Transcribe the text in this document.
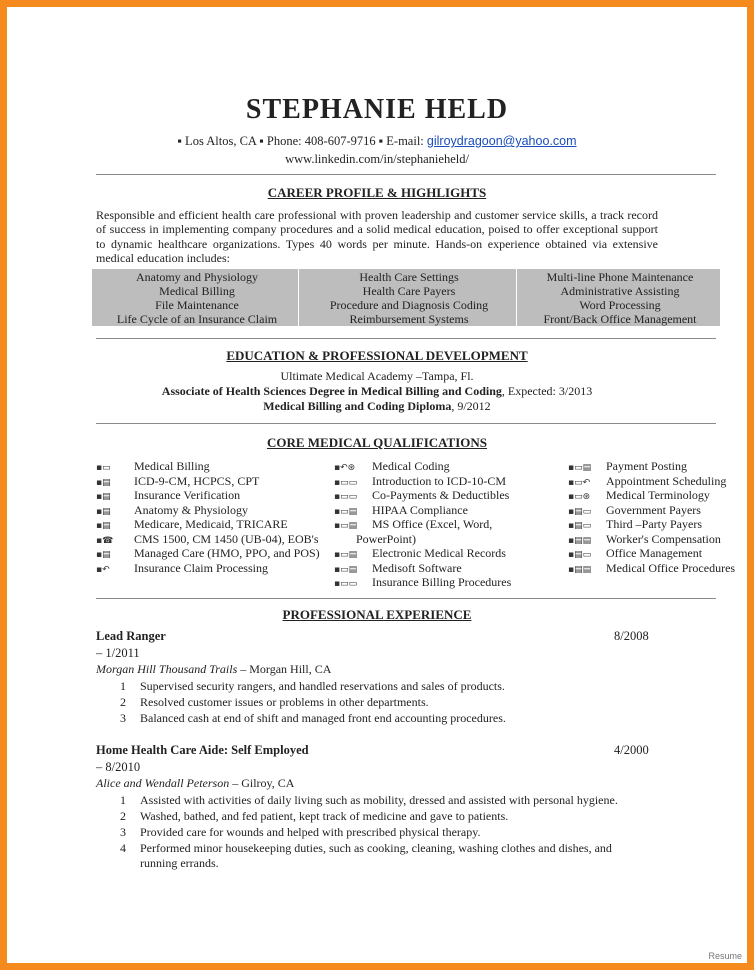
STEPHANIE HELD
▪ Los Altos, CA ▪ Phone: 408-607-9716 ▪ E-mail: gilroydragoon@yahoo.com
www.linkedin.com/in/stephanieheld/
CAREER PROFILE & HIGHLIGHTS
Responsible and efficient health care professional with proven leadership and customer service skills, a track record of success in implementing company procedures and a solid medical education, poised to offer exceptional support to dynamic healthcare organizations. Types 40 words per minute. Hands-on experience obtained via extensive medical education includes:
Anatomy and Physiology
Medical Billing
File Maintenance
Life Cycle of an Insurance Claim
Health Care Settings
Health Care Payers
Procedure and Diagnosis Coding
Reimbursement Systems
Multi-line Phone Maintenance
Administrative Assisting
Word Processing
Front/Back Office Management
EDUCATION & PROFESSIONAL DEVELOPMENT
Ultimate Medical Academy –Tampa, Fl.
Associate of Health Sciences Degree in Medical Billing and Coding, Expected: 3/2013
Medical Billing and Coding Diploma, 9/2012
CORE MEDICAL QUALIFICATIONS
▪▭ Medical Billing
▪▤ ICD-9-CM, HCPCS, CPT
▪▤ Insurance Verification
▪▤ Anatomy & Physiology
▪▤ Medicare, Medicaid, TRICARE
▪☎ CMS 1500, CM 1450 (UB-04), EOB's
▪▤ Managed Care (HMO, PPO, and POS)
▪↶ Insurance Claim Processing
▪↶⊛ Medical Coding
▪▭▭ Introduction to ICD-10-CM
▪▭▭ Co-Payments & Deductibles
▪▭▤ HIPAA Compliance
▪▭▤ MS Office (Excel, Word,
PowerPoint)
▪▭▤ Electronic Medical Records
▪▭▤ Medisoft Software
▪▭▭ Insurance Billing Procedures
▪▭▤ Payment Posting
▪▭↶ Appointment Scheduling
▪▭⊛ Medical Terminology
▪▤▭ Government Payers
▪▤▭ Third –Party Payers
▪▤▤ Worker's Compensation
▪▤▭ Office Management
▪▤▤ Medical Office Procedures
PROFESSIONAL EXPERIENCE
Lead Ranger	8/2008
– 1/2011
Morgan Hill Thousand Trails – Morgan Hill, CA
1 Supervised security rangers, and handled reservations and sales of products.
2 Resolved customer issues or problems in other departments.
3 Balanced cash at end of shift and managed front end accounting procedures.
Home Health Care Aide: Self Employed	4/2000
– 8/2010
Alice and Wendall Peterson – Gilroy, CA
1 Assisted with activities of daily living such as mobility, dressed and assisted with personal hygiene.
2 Washed, bathed, and fed patient, kept track of medicine and gave to patients.
3 Provided care for wounds and helped with prescribed physical therapy.
4 Performed minor housekeeping duties, such as cooking, cleaning, washing clothes and dishes, and running errands.
Resume
